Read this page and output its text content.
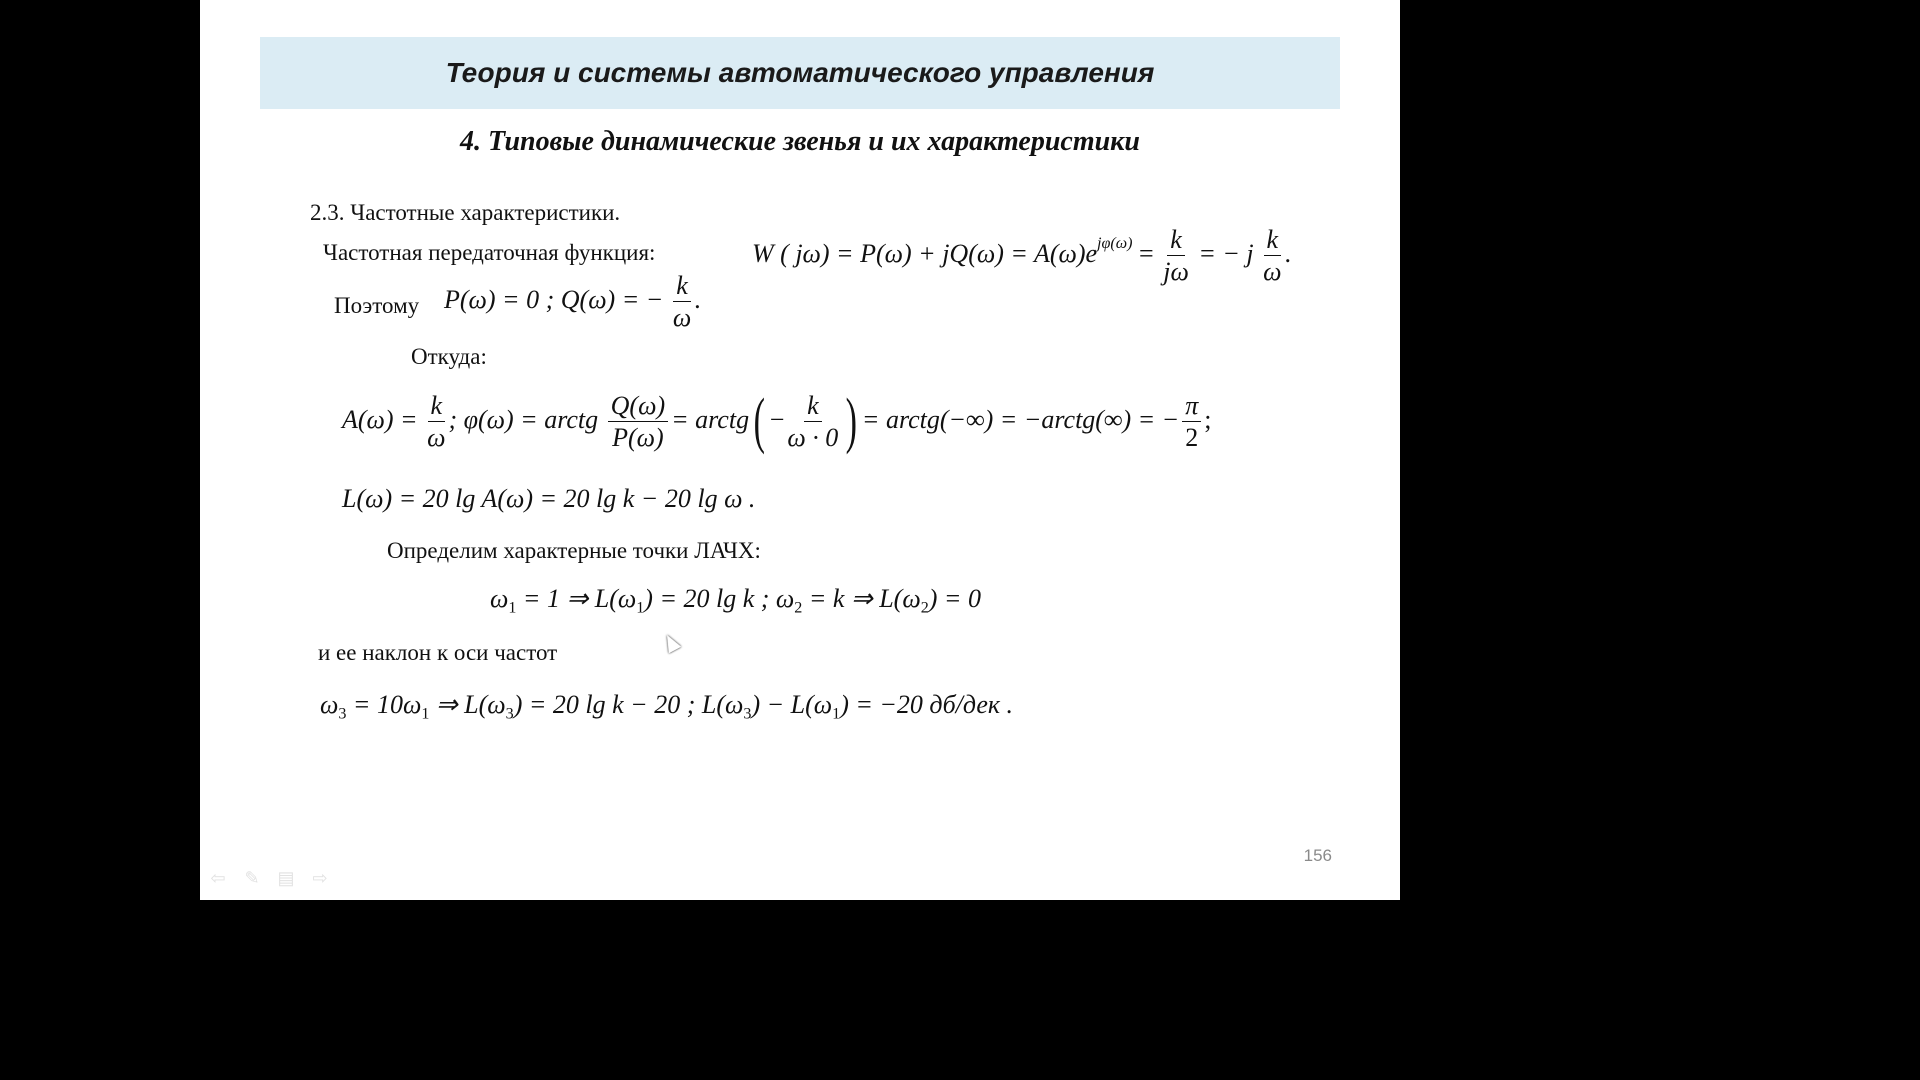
Теория и системы автоматического управления
4. Типовые динамические звенья и их характеристики
2.3. Частотные характеристики.
Частотная передаточная функция:	W ( $j\omega) = P(\omega) + jQ(\omega) = A(\omega)e^{j\varphi(\omega)} = \frac{k}{j\omega}$ = − j $\frac{k}{\omega}$ .
Поэтому P(ω) = 0 ; Q(ω) = − $\frac{k}{\omega}$ .
Откуда:
$A(\omega) = \frac{k}{\omega}$ ; φ(ω) = arctg $\frac{Q(\omega)}{P(\omega)}$ = arctg( − $\frac{k}{\omega \cdot 0}$ ) = arctg(−∞) = −arctg(∞) = − $\frac{\pi}{2}$ ;
L(ω) = 20 lg A(ω) = 20 lg k − 20 lg ω .
Определим характерные точки ЛАЧХ:
$\omega_1 = 1$ ⇒ $L(\omega_1) = 20$ lg k ; $\omega_2 = k$ ⇒ $L(\omega_2) = 0$
и ее наклон к оси частот
$\omega_3 = 10\omega_1$ ⇒ $L(\omega_3) = 20$ lg k − 20 ; $L(\omega_3) - L(\omega_1) = -20$ дб/дек .
156
⇦ ✎ ▤ ⇨
